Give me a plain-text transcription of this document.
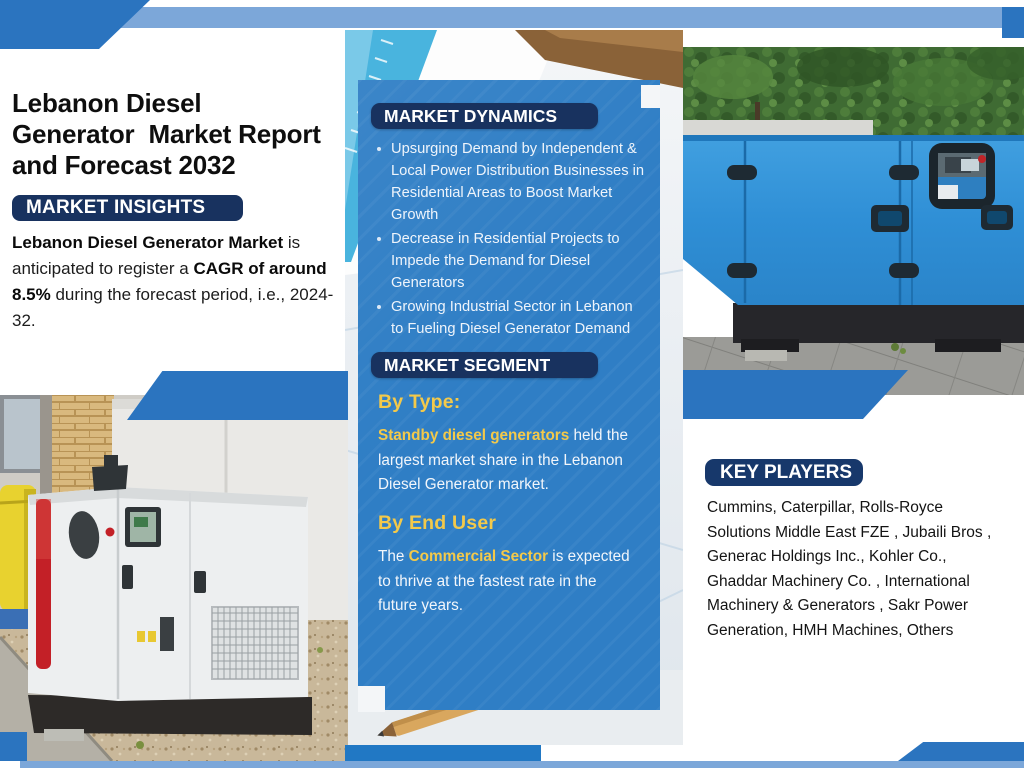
Lebanon Diesel
Generator  Market Report
and Forecast 2032
MARKET INSIGHTS
Lebanon Diesel Generator Market is anticipated to register a CAGR of around 8.5% during the forecast period, i.e., 2024-32.
MARKET DYNAMICS
Upsurging Demand by Independent & Local Power Distribution Businesses in Residential Areas to Boost Market Growth
Decrease in Residential Projects to Impede the Demand for Diesel Generators
Growing Industrial Sector in Lebanon to Fueling Diesel Generator Demand
MARKET SEGMENT
By Type:
Standby diesel generators held the largest market share in the Lebanon Diesel Generator market.
By End User
The Commercial Sector is expected to thrive at the fastest rate in the future years.
KEY PLAYERS
Cummins, Caterpillar, Rolls-Royce Solutions Middle East FZE , Jubaili Bros , Generac Holdings Inc., Kohler Co., Ghaddar Machinery Co. , International Machinery & Generators , Sakr Power Generation, HMH Machines, Others
